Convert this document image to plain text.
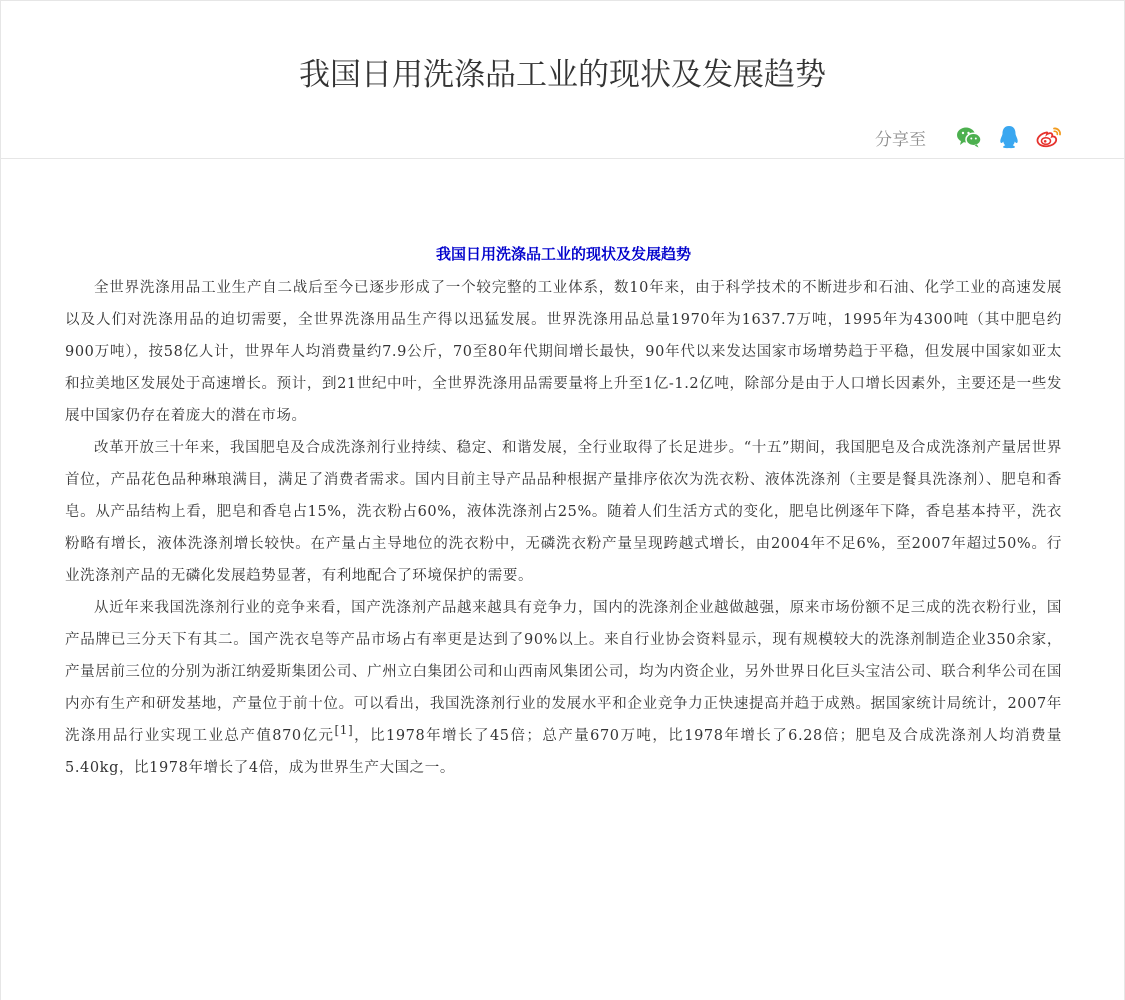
我国日用洗涤品工业的现状及发展趋势
分享至
我国日用洗涤品工业的现状及发展趋势

全世界洗涤用品工业生产自二战后至今已逐步形成了一个较完整的工业体系，数10年来，由于科学技术的不断进步和石油、化学工业的高速发展以及人们对洗涤用品的迫切需要，全世界洗涤用品生产得以迅猛发展。世界洗涤用品总量1970年为1637.7万吨，1995年为4300吨（其中肥皂约900万吨），按58亿人计，世界年人均消费量约7.9公斤，70至80年代期间增长最快，90年代以来发达国家市场增势趋于平稳，但发展中国家如亚太和拉美地区发展处于高速增长。预计，到21世纪中叶，全世界洗涤用品需要量将上升至1亿-1.2亿吨，除部分是由于人口增长因素外，主要还是一些发展中国家仍存在着庞大的潜在市场。

改革开放三十年来，我国肥皂及合成洗涤剂行业持续、稳定、和谐发展，全行业取得了长足进步。“十五”期间，我国肥皂及合成洗涤剂产量居世界首位，产品花色品种琳琅满目，满足了消费者需求。国内目前主导产品品种根据产量排序依次为洗衣粉、液体洗涤剂（主要是餐具洗涤剂）、肥皂和香皂。从产品结构上看，肥皂和香皂占15%，洗衣粉占60%，液体洗涤剂占25%。随着人们生活方式的变化，肥皂比例逐年下降，香皂基本持平，洗衣粉略有增长，液体洗涤剂增长较快。在产量占主导地位的洗衣粉中，无磷洗衣粉产量呈现跨越式增长，由2004年不足6%，至2007年超过50%。行业洗涤剂产品的无磷化发展趋势显著，有利地配合了环境保护的需要。

从近年来我国洗涤剂行业的竞争来看，国产洗涤剂产品越来越具有竞争力，国内的洗涤剂企业越做越强，原来市场份额不足三成的洗衣粉行业，国产品牌已三分天下有其二。国产洗衣皂等产品市场占有率更是达到了90%以上。来自行业协会资料显示，现有规模较大的洗涤剂制造企业350余家，产量居前三位的分别为浙江纳爱斯集团公司、广州立白集团公司和山西南风集团公司，均为内资企业，另外世界日化巨头宝洁公司、联合利华公司在国内亦有生产和研发基地，产量位于前十位。可以看出，我国洗涤剂行业的发展水平和企业竞争力正快速提高并趋于成熟。据国家统计局统计，2007年洗涤用品行业实现工业总产值870亿元[1]，比1978年增长了45倍；总产量670万吨，比1978年增长了6.28倍；肥皂及合成洗涤剂人均消费量5.40kg，比1978年增长了4倍，成为世界生产大国之一。
